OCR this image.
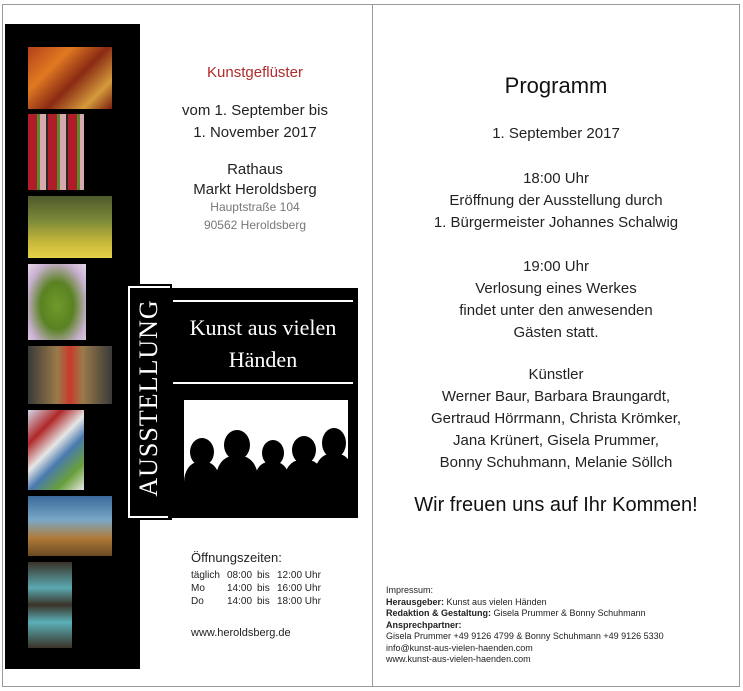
AUSSTELLUNG	Kunst aus vielen
Händen
Kunstgeflüster
vom 1. September bis
1. November 2017
Rathaus
Markt Heroldsberg
Hauptstraße 104
90562 Heroldsberg
Öffnungszeiten:
täglich 08:00 bis 12:00 Uhr
Mo 14:00 bis 16:00 Uhr
Do 14:00 bis 18:00 Uhr
www.heroldsberg.de
Programm
1. September 2017
18:00 Uhr
Eröffnung der Ausstellung durch
1. Bürgermeister Johannes Schalwig
19:00 Uhr
Verlosung eines Werkes
findet unter den anwesenden
Gästen statt.
Künstler
Werner Baur, Barbara Braungardt,
Gertraud Hörrmann, Christa Krömker,
Jana Krünert, Gisela Prummer,
Bonny Schuhmann, Melanie Söllch
Wir freuen uns auf Ihr Kommen!
Impressum:
Herausgeber: Kunst aus vielen Händen
Redaktion & Gestaltung: Gisela Prummer & Bonny Schuhmann
Ansprechpartner:
Gisela Prummer +49 9126 4799 & Bonny Schuhmann +49 9126 5330
info@kunst-aus-vielen-haenden.com
www.kunst-aus-vielen-haenden.com
